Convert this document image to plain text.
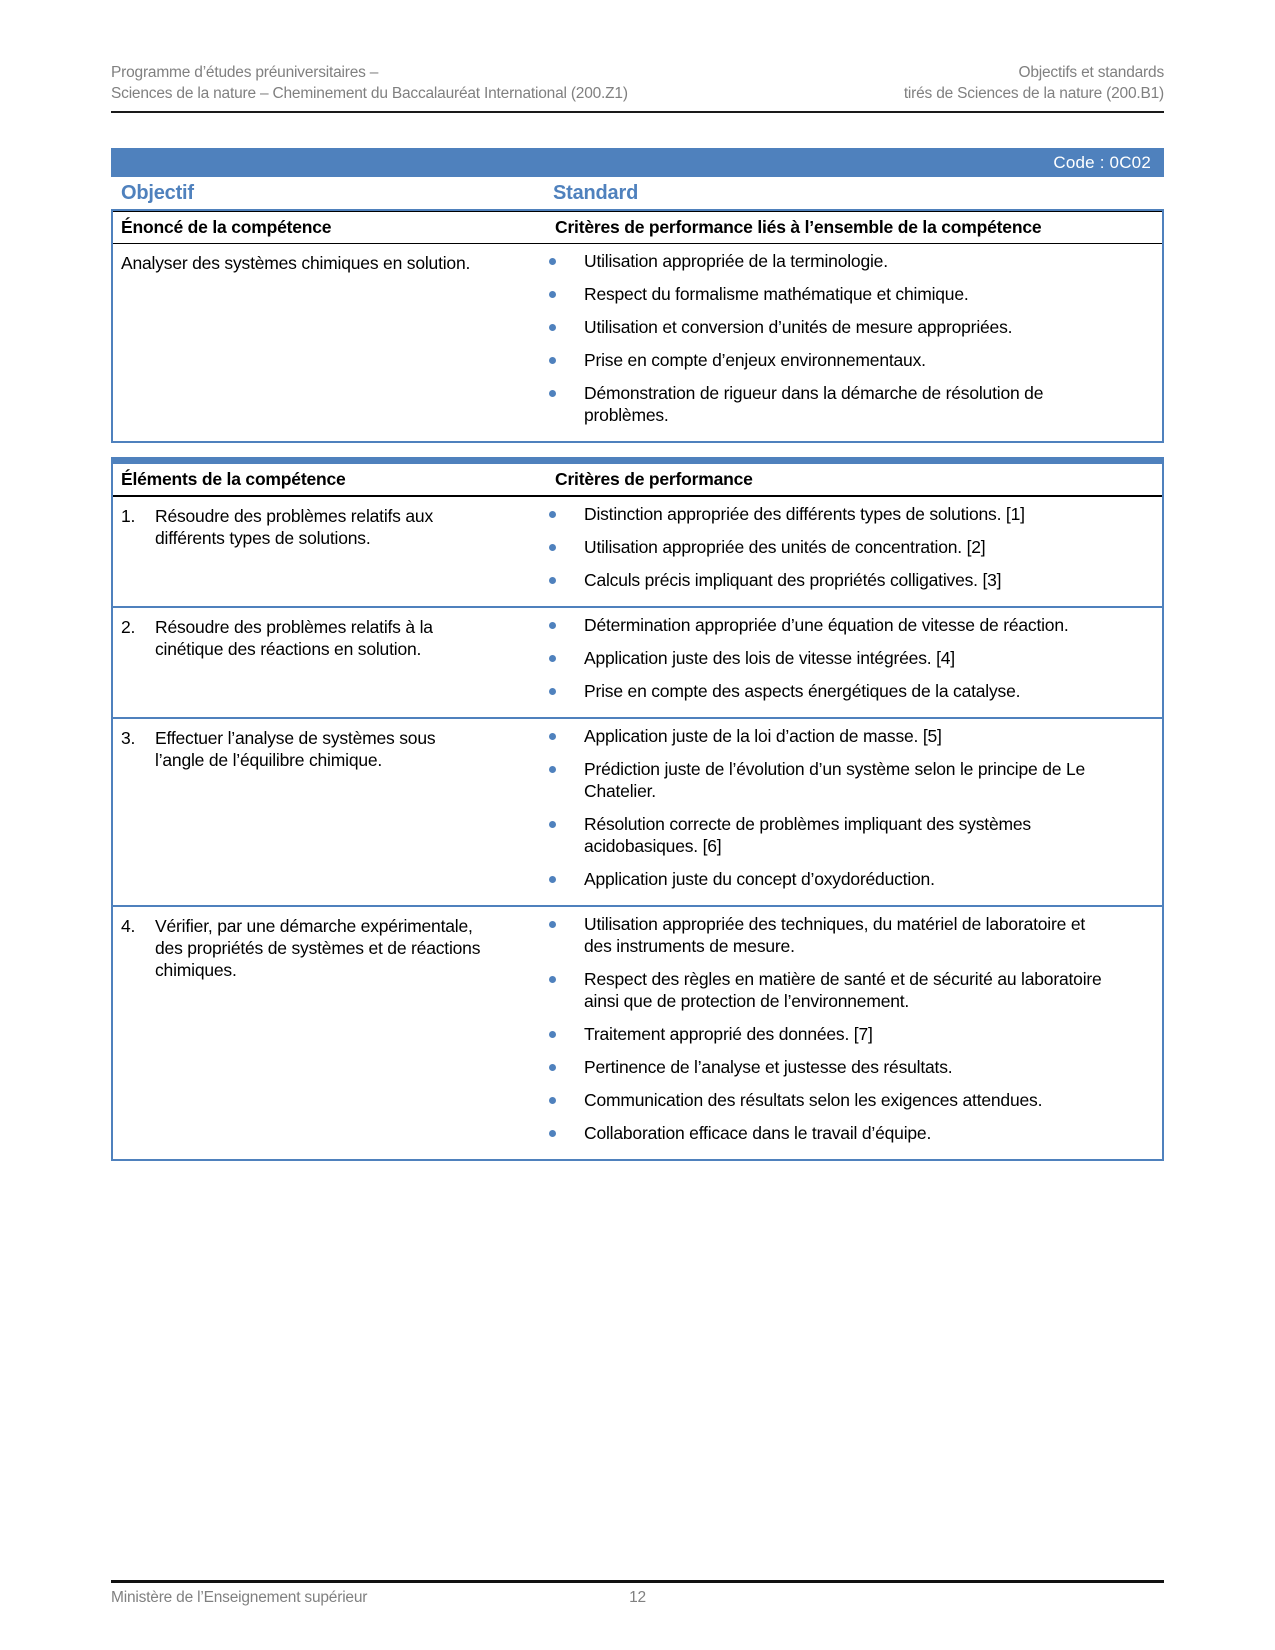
Programme d’études préuniversitaires –
Sciences de la nature – Cheminement du Baccalauréat International (200.Z1)
Objectifs et standards
tirés de Sciences de la nature (200.B1)
Code : 0C02
Objectif	Standard
Énoncé de la compétence	Critères de performance liés à l’ensemble de la compétence
Analyser des systèmes chimiques en solution.	Utilisation appropriée de la terminologie.
Respect du formalisme mathématique et chimique.
Utilisation et conversion d’unités de mesure appropriées.
Prise en compte d’enjeux environnementaux.
Démonstration de rigueur dans la démarche de résolution de problèmes.
Éléments de la compétence	Critères de performance
1.	Résoudre des problèmes relatifs aux différents types de solutions.
Distinction appropriée des différents types de solutions. [1]
Utilisation appropriée des unités de concentration. [2]
Calculs précis impliquant des propriétés colligatives. [3]
2.	Résoudre des problèmes relatifs à la cinétique des réactions en solution.
Détermination appropriée d’une équation de vitesse de réaction.
Application juste des lois de vitesse intégrées. [4]
Prise en compte des aspects énergétiques de la catalyse.
3.	Effectuer l’analyse de systèmes sous l’angle de l’équilibre chimique.
Application juste de la loi d’action de masse. [5]
Prédiction juste de l’évolution d’un système selon le principe de Le Chatelier.
Résolution correcte de problèmes impliquant des systèmes acidobasiques. [6]
Application juste du concept d’oxydoréduction.
4.	Vérifier, par une démarche expérimentale, des propriétés de systèmes et de réactions chimiques.
Utilisation appropriée des techniques, du matériel de laboratoire et des instruments de mesure.
Respect des règles en matière de santé et de sécurité au laboratoire ainsi que de protection de l’environnement.
Traitement approprié des données. [7]
Pertinence de l’analyse et justesse des résultats.
Communication des résultats selon les exigences attendues.
Collaboration efficace dans le travail d’équipe.
Ministère de l’Enseignement supérieur	12
